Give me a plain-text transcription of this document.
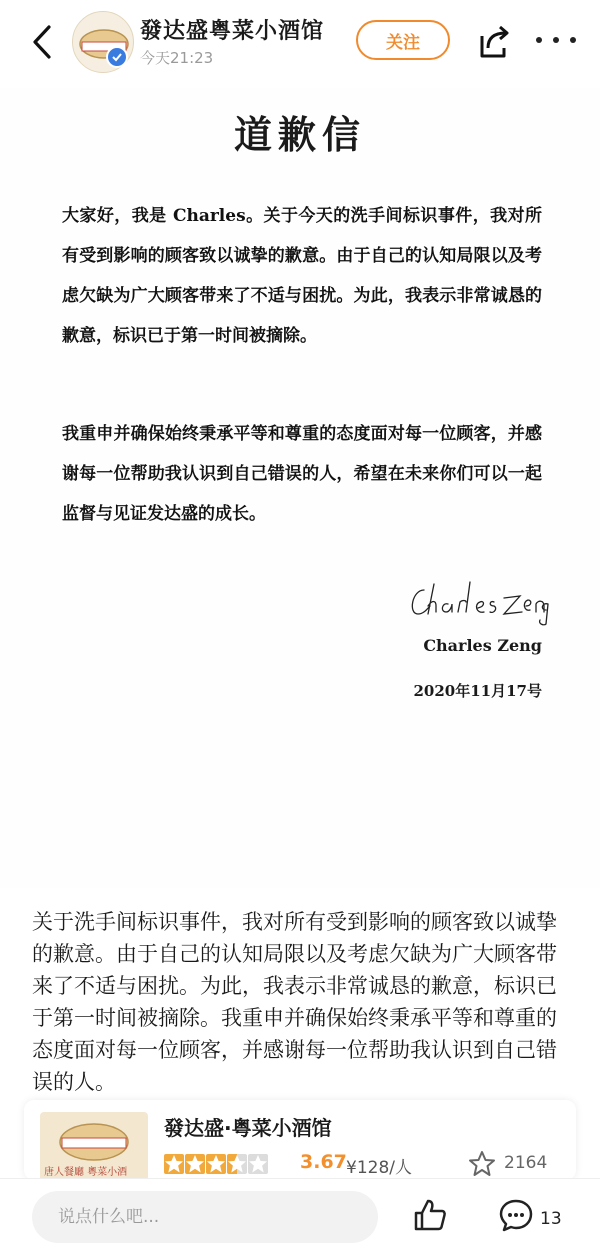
發达盛粤菜小酒馆
今天21:23
关注
道歉信
大家好，我是 Charles。关于今天的洗手间标识事件，我对所有受到影响的顾客致以诚挚的歉意。由于自己的认知局限以及考虑欠缺为广大顾客带来了不适与困扰。为此，我表示非常诚恳的歉意，标识已于第一时间被摘除。
我重申并确保始终秉承平等和尊重的态度面对每一位顾客，并感谢每一位帮助我认识到自己错误的人，希望在未来你们可以一起监督与见证发达盛的成长。
Charles Zeng
2020年11月17号
关于洗手间标识事件，我对所有受到影响的顾客致以诚挚的歉意。由于自己的认知局限以及考虑欠缺为广大顾客带来了不适与困扰。为此，我表示非常诚恳的歉意，标识已于第一时间被摘除。我重申并确保始终秉承平等和尊重的态度面对每一位顾客，并感谢每一位帮助我认识到自己错误的人。
唐人餐廳 粵菜小酒
發达盛·粤菜小酒馆
3.67 ¥128/人	2164
说点什么吧...	13
